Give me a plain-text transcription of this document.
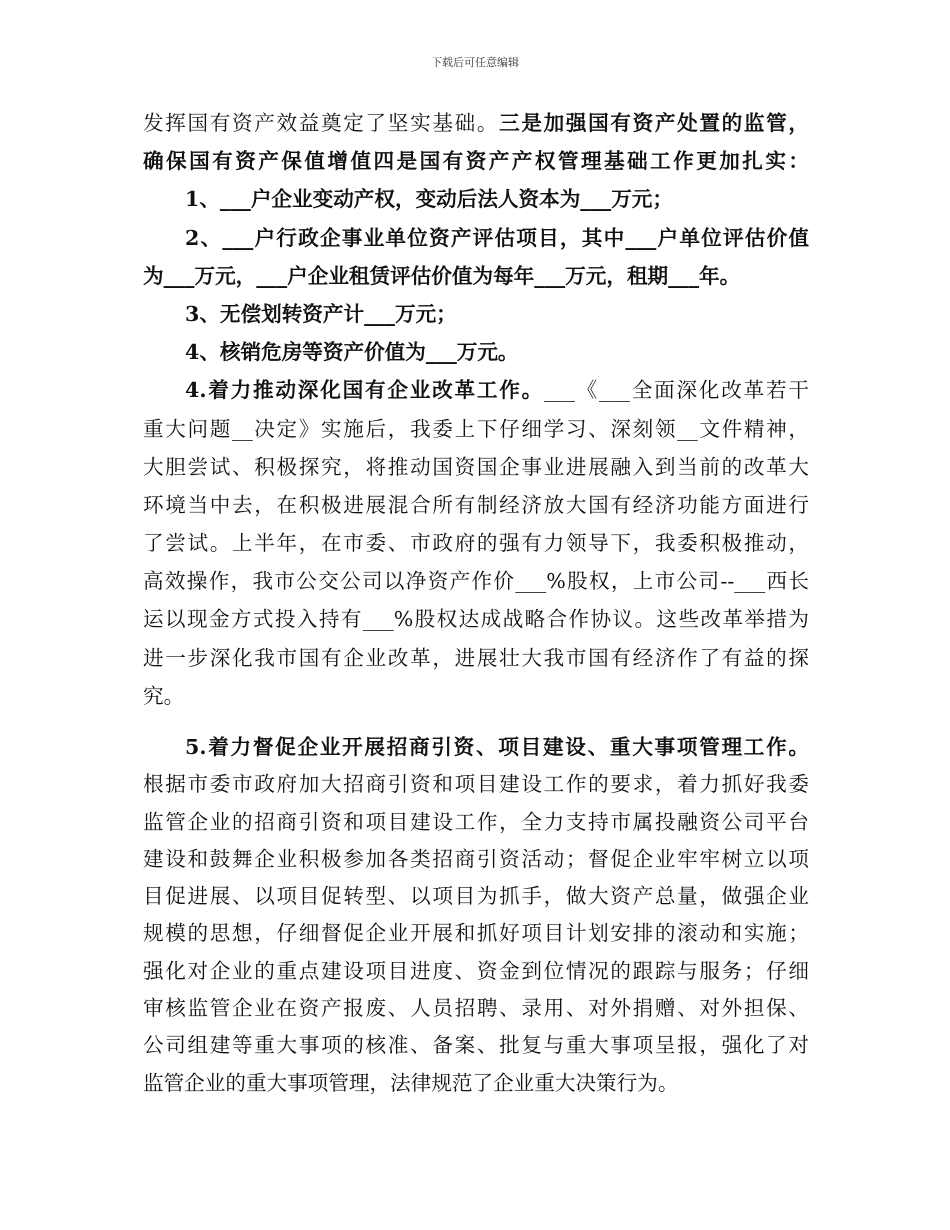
下载后可任意编辑
发挥国有资产效益奠定了坚实基础。三是加强国有资产处置的监管，
确保国有资产保值增值四是国有资产产权管理基础工作更加扎实：
1、___户企业变动产权，变动后法人资本为___万元；
2、___户行政企事业单位资产评估项目，其中___户单位评估价值
为___万元，___户企业租赁评估价值为每年___万元，租期___年。
3、无偿划转资产计___万元；
4、核销危房等资产价值为___万元。
4.着力推动深化国有企业改革工作。___《___全面深化改革若干
重大问题__决定》实施后，我委上下仔细学习、深刻领__文件精神，
大胆尝试、积极探究，将推动国资国企事业进展融入到当前的改革大
环境当中去，在积极进展混合所有制经济放大国有经济功能方面进行
了尝试。上半年，在市委、市政府的强有力领导下，我委积极推动，
高效操作，我市公交公司以净资产作价___%股权，上市公司--___西长
运以现金方式投入持有___%股权达成战略合作协议。这些改革举措为
进一步深化我市国有企业改革，进展壮大我市国有经济作了有益的探
究。
5.着力督促企业开展招商引资、项目建设、重大事项管理工作。
根据市委市政府加大招商引资和项目建设工作的要求，着力抓好我委
监管企业的招商引资和项目建设工作，全力支持市属投融资公司平台
建设和鼓舞企业积极参加各类招商引资活动；督促企业牢牢树立以项
目促进展、以项目促转型、以项目为抓手，做大资产总量，做强企业
规模的思想，仔细督促企业开展和抓好项目计划安排的滚动和实施；
强化对企业的重点建设项目进度、资金到位情况的跟踪与服务；仔细
审核监管企业在资产报废、人员招聘、录用、对外捐赠、对外担保、
公司组建等重大事项的核准、备案、批复与重大事项呈报，强化了对
监管企业的重大事项管理，法律规范了企业重大决策行为。
